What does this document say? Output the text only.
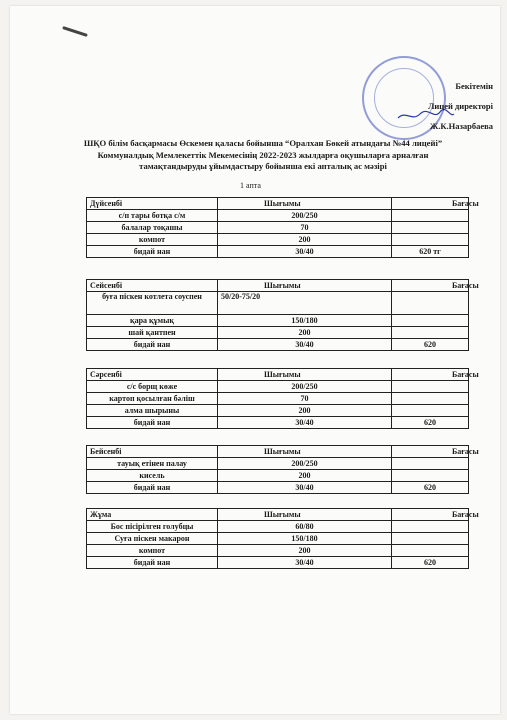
Бекітемін
Лицей директорі
Ж.К.Назарбаева
ШҚО білім басқармасы Өскемен қаласы бойынша “Оралхан Бөкей атындағы №44 лицейі” Коммуналдық Мемлекеттік Мекемесінің 2022-2023 жылдарға оқушыларға арналған тамақтандыруды ұйымдастыру бойынша екі апталық ас мәзірі
1 апта
Дүйсенбі	Шығымы	Бағасы
с/п тары ботқа с/м	200/250	
балалар тоқашы	70	
компот	200	
бидай нан	30/40	620 тг
Сейсенбі	Шығымы	Бағасы
буға піскен котлета соуспен	50/20-75/20	
қара құмық	150/180	
шай қантпен	200	
бидай нан	30/40	620
Сәрсенбі	Шығымы	Бағасы
с/с борщ көже	200/250	
картоп қосылған бәліш	70	
алма шырыны	200	
бидай нан	30/40	620
Бейсенбі	Шығымы	Бағасы
тауық етінен палау	200/250	
кисель	200	
бидай нан	30/40	620
Жұма	Шығымы	Бағасы
Бос пісірілген голубцы	60/80	
Суға піскен макарон	150/180	
компот	200	
бидай нан	30/40	620
